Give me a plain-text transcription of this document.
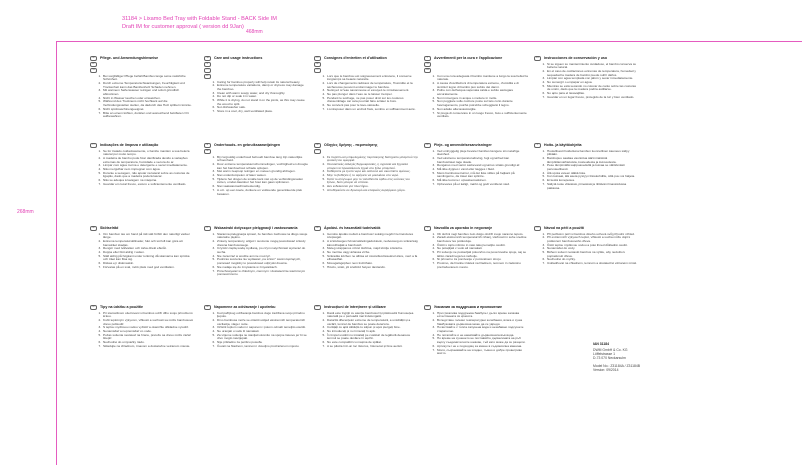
31184 > Lixamo Bed Tray with Foldable Stand - BACK Side IM
Draft IM for customer approval ( version dd 9Jan)
468mm
268mm
DE
AT
CH
Pflege- und Anwendungshinweise
1. Bei sorgfältiger Pflege behält Bambus lange seine natürliche Schönheit.
2. Durch extreme Temperaturschwankungen, Feuchtigkeit und Trockenheit kann das Bambusholz Schaden nehmen.
3. Mit warmem Seifenwasser reinigen und sofort gründlich abtrocknen.
4. Nicht in Wasser tauchen oder einweichen.
5. Während des Trocknens nicht hochkant auf die Verbindungsstellen stellen, da dadurch das Holz splittern könnte.
6. Nicht spülmaschinengeeignet.
7. Bitte an einem kühlen, dunklen und ausreichend belüfteten Ort aufbewahren.
GB
IE
CY
MT
Care and usage instructions
1. Caring for bamboo properly will help retain its natural beauty.
2. Extreme temperature variations, damp or dryness may damage the bamboo.
3. Clean with warm soapy water, and dry thoroughly.
4. Do not dip or soak it in water.
5. While it is drying, do not stand it on the joints, as this may cause the wood to split.
6. Not dishwasher safe.
7. Store in a cool, dry, well-ventilated place.
FR
BE
LU
Consignes d'entretien et d'utilisation
1. Lors que le bambou est soigneusement entretenu, il conserve longtemps sa beauté naturelle.
2. Lors de changements radicaux de température, l'humidité et la sécheresse peuvent endommager le bambou.
3. Nettoyez à l'eau savonneuse et essuyez-le minutieusement.
4. Ne pas plonger dans l'eau ou le laisser tremper.
5. Pendant le séchage, ne pas poser droit sur les coutures d'assemblage car cela pourrait faire éclater le bois.
6. Ne convient pas pour le lave-vaisselle.
7. L'entreposer dans un endroit frais, sombre et suffisamment aéré.
IT
CH
SM
Avvertimenti per la cura e l'applicazione
1. Con una cura adeguata il bambù mantiene a lungo la sua bellezza naturale.
2. A causa d'oscillazioni di temperatura estreme, d'umidità e di siccità il legno di bambù può subire dei danni.
3. Pulire con dell'acqua saponata calda e subito asciugare accuratamente.
4. Non immergere in acqua o mettere in molle.
5. Non poggiare sulle cuciture poste sul lato corto durante l'asciugamento, poiché potrebbe scheggiarsi il legno.
6. Non adatto alla lavastoviglie.
7. Si prega di conservare in un luogo fresco, buio e sufficientemente ventilato.
ES	Instrucciones de conservación y uso
1. Si se siguen su mantenimiento cuidadoso, el bambú conserva su belleza natural.
2. En el caso de oscilaciones extremas de temperatura, humedad y sequedad la madera de bambú puede sufrir daños.
3. Limpiar con agua templada con jabón y secar inmediatamente.
4. No sumergir o empapar en agua.
5. Mientras se está secando no colocar de canto sobre las costuras de unión, dado que la madera podría astillarse.
6. No apto para el lavavajillas.
7. Guardar en un lugar fresco, protegido de la luz y bien ventilado.
PT	Indicações de limpeza e utilização
1. Se for tratado cuidadosamente, o bambu mantém a sua beleza natural por muito tempo.
2. A madeira de bambu pode ficar danificada devido a variações extremas de temperatura, humidade e secura do ar.
3. Limpar com água morna e detergente e secar imediatamente.
4. Não mergulhar nem impregnar com água.
5. Durante a secagem, não apoiar na lateral sobre as costuras de ligação, dado que a madeira poderá lascar.
6. Não se adequa à lavagem na máquina.
7. Guardar em local fresco, escuro e suficientemente ventilado.
NL
BE
Onderhouds- en gebruiksaanwijzingen
1. Bij zorgvuldig onderhoud behoudt bamboe lang zijn natuurlijke schoonheid.
2. Door extreme temperatuurschommelingen, vochtigheid en droogte kan het bamboehout schade oplopen.
3. Met warm zeepsop reinigen en meteen grondig afdrogen.
4. Niet onderdompelen of laten weken.
5. Tijdens het drogen de smalle kant niet op de verbindingsnaden zetten, omdat daardoor het hout kan gaan splinteren.
6. Niet vaatwasmachinebestendig.
7. A.u.b. op een koele, donkere en voldoende geventileerde plek bewaren.
GR
CY
Οδηγίες Χρήσης - περιποίησης
1. Σε περίπτωση επιμελημένης περιποίησης διατηρείτο μπαμπού την φυσική του ομορφιά.
2. Ουσιαστικές αλλαγές θερμοκρασίας, η υγρασία και ξηρασία μπορεί να προκαλέσουν ζημιά στο ξύλο μπαμπού.
3. Καθαρίστε με ζεστό νερό και σαπούνι και σκουπίστε αμέσως.
4. Μην το βυθίζετε ή το αφήνετε να μουλιάσει στο νερό.
5. Κατά το στέγνωμα μην το τοποθετείτε όρθιο στις ενώσεις του ξύλου, διότι μπορεί να σπάσει.
6. Δεν ενδείκνυται για πλυντήριο.
7. Αποθηκεύστε σε δροσερό και επαρκώς αεριζόμενο χώρο.
DK	Pleje- og anvendelsesanvisninger
1. Ved omhyggelig pleje bevarer bambus længere sin naturlige skønhed.
2. Ved ekstreme temperaturudsving, fugt og tørhed kan bambustræet tage skade.
3. Rengøres med varmt sæbevand og tørres straks grundigt af.
4. Må ikke dyppes i vand eller lægges i blød.
5. Mens bambusset tørrer, må det ikke stilles på højkant på samlingerne, da træet kan splintre.
6. Må ikke komme i opvaskemaskinen.
7. Opbevares på et køligt, mørkt og godt ventileret sted.
FI	Hoito- ja käyttöohjeita
1. Huolellisesti hoidettuna bambun luonnollinen kauneus säilyy pitkään.
2. Bambupuu saattaa vaurioitua äärimmäisistä lämpötilanvaihteluista, kosteudesta ja kuivuudesta.
3. Pese lämpimällä saippuavedellä ja kuivaa se välittömästi perusteellisesti.
4. Älä upota veteen äläkä liota.
5. Kun kuivaat, älä aseta pystyyn liitoskohdille, sillä puu voi haljeta.
6. Ei kestä konepesua.
7. Säilytä tuote viileässä, pimeässä ja riittävän ilmastoidussa paikassa.
SE	Skötselråd
1. Om bambun tas om hand på rätt sätt förblir den naturligt vacker länge.
2. Extrema temperaturskillnader, fukt och torrluft kan göra att bamaträet skadas.
3. Rengör med tvålvatten och torka direkt efteråt.
4. Doppa eller blöt aldrig i vatten.
5. Ställ aldrig på högkant under torkning då skarvarna kan spricka och träet kan flisa sig.
6. Diskas ej i diskmaskin.
7. Förvaras på en sval, mörk plats med god ventilation.
PL	Wskazówki dotyczące pielęgnacji i zastosowania
1. Staranna pielęgnacja sprawi, że bambus zachowa na długo swoje naturalne piękno.
2. Zmiany temperatury, wilgoć i suszenie mogą powodować szkody drewna bambusowego.
3. Czyścić ciepłą wodą mydlaną, po czym natychmiast wycierać do sucha.
4. Nie zanurzać w wodzie ani nie moczyć.
5. Podczas suszenia nie wydawać „na sztorc” swoim łączących, ponieważ mogłoby to powodować odpryski drewna.
6. Nie nadaje się do zmywania w zmywarkach.
7. Przechowywać w chłodnym, ciemnym i dostatecznie wietrzonym pomieszczeniu.
HU	Ápolási- és használati tudnivalók
1. Gondos ápolás mellett a bambusz sokáig megőrzi természetes szépségét.
2. A szélsőséges hőmérsékletingadozások, nedvesség és szárazság károsíthatják a bambuszt.
3. Meleg szappanos vízzel tisztítsa, majd törölje szárazra.
4. Ne merítse vagy áztassa vízbe.
5. Száradás közben ne állítsa az összeillesztéseknél élére, mert a fa elhasadhat.
6. Mosogatógépben nem tisztítható.
7. Hűvös, sötét, jól szellőző helyen tárolandó.
SI	Navodila za uporabo in negovanje
1. Ob skrbni negi bambus zelo dolgo obdrži svojo naravno lepoto.
2. Zaradi ekstremnih temperaturnih nihanj, vlažnosti in suhe sredine bambusov les poškoduje.
3. Čistiti s toplo milnico in nato takoj temeljito osušiti.
4. Ne potapljati v vodo ali namakati.
5. Pri sušenju ne postavljati pokončno na povezovalne spoje, saj se lahko zaradi tega les razkolje.
6. Ni primerno za pomivanje v pomivalnem stroju.
7. Prosimo, da hranite izdelek na hladnem, temnem in zadostno prezračevanem mestu.
CZ	Návod na péči a použití
1. Při pečlivém péči si bambus dlouho uchová svůj přírodní vzhled.
2. Při extrémních výkyvech teplot, vlhkosti a sucha může dojít k poškození bambusového dřeva.
3. Čistit teplou mýdlovou vodou a poté ihned důkladně osušit.
4. Nenamáčet do vody.
5. Během sušení nestavět bambus na výšku, aby nedošlo k poprasknutí dřeva.
6. Nevhodné do myčky.
7. Uskladňovat na chladném, temném a dostatečně větraném místě.
SK	Tipy na údržbu a použitie
1. Pri starostlivom ošetrovaní si bambus udrží dlho svoju prirodzenú krásu.
2. Kvôli teplotným výkyvom, vlhkosti a suchosti sa môže bambusové drevo poškodiť.
3. S teplou mydlovou vodou vyčistiť a okamžite dôkladne vysušiť.
4. Nenamáčať a nepremáčať vo vode.
5. Počas sušenia nestavať na hranu, pretože sa drevo môže začať štiepiť.
6. Nevhodné do umývačky riadu.
7. Skladujte na chladnom, tmavom a dostatočne vetranom mieste.
HR	Napomene za održavanje i upotrebu
1. Kod pažljivog održavanja bambus dugo zadržava svoju prirodnu ljepotu.
2. Drvo bambusa može se oštetiti uslijed ekstremnih temperaturnih oscilacija, vlage i suše.
3. Očistiti toplom vodom i sapunom i potom odmah temeljito osušiti.
4. Ne uranjati u vodu ili namakati.
5. Za vrijeme sušenja ne stavljati okomito na spojne šavove jer bi se drvo moglo rascijepati.
6. Nije prikladno za perilicu posuđa.
7. Čuvati na hladnom, tamnom i dovoljno prozračenom mjestu.
RO	Instrucțiuni de întreținere și utilizare
1. Dacă este îngrijit cu atenție bambusul își păstrează frumusețea naturală pe o perioadă mai îndelungată.
2. Datorită diferențelor extreme de temperatură, a umidității și a uscării, lemnul de bambus se poate deteriora.
3. Curățați cu apă călduță cu săpun și apoi ștergeți bine.
4. Nu introduceți și nu înmuiați în apă.
5. În timpul uscării nu instalați pe cusături de legătură deoarece lemnul se poate desface în așchii.
6. Nu este compatibil cu mașina de spălat.
7. A se păstra într-un loc răcoros, întunecat și bine aerisit.
BG	Указания за поддръжка и приложение
1. При грижлива поддръжка бамбукът дълго време запазва естествената си красота.
2. Вследствие големи температурни колебания, влага и суша бамбуковата дървесина може да се увреди.
3. Почиствайте с топла сапунена вода и незабавно подсушете старателно.
4. Не потапяйте и не накисвайте дървесината във вода.
5. По време на сушенето не поставяйте дървесината на ръб върху съединителните шевове, тъй като може да се разцепи.
6. Артикулът не е подходящ за миене в съдомиялна машина.
7. Моля, съхранявайте на хладно, тъмно и добре проветриво място.
IAN 31184
DWM GmbH & Co. KG
Löffelstrasse 1
D-73 070 Neckarsulm
Model No.: Z31184A / Z31184B
Version: 09/2014
